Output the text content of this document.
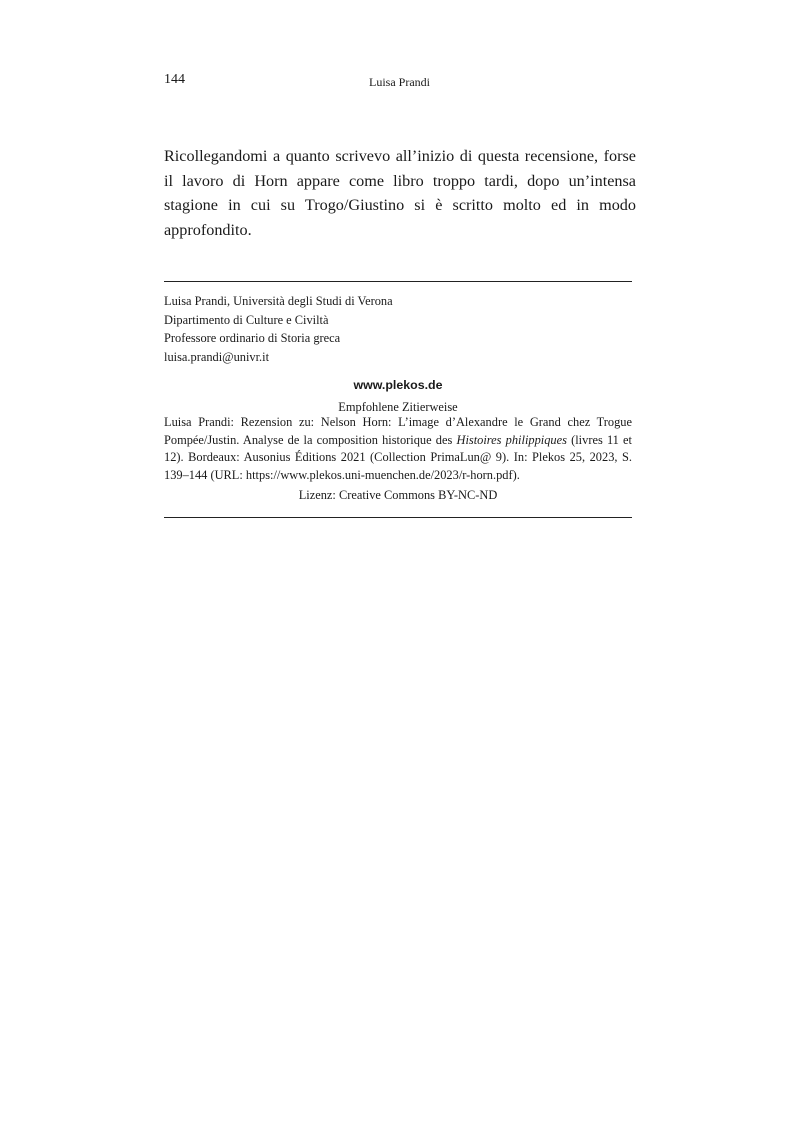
144	Luisa Prandi

Ricollegandomi a quanto scrivevo all’inizio di questa recensione, forse il lavoro di Horn appare come libro troppo tardi, dopo un’intensa stagione in cui su Trogo/Giustino si è scritto molto ed in modo approfondito.

Luisa Prandi, Università degli Studi di Verona
Dipartimento di Culture e Civiltà
Professore ordinario di Storia greca
luisa.prandi@univr.it
www.plekos.de
Empfohlene Zitierweise

Luisa Prandi: Rezension zu: Nelson Horn: L’image d’Alexandre le Grand chez Trogue Pompée/Justin. Analyse de la composition historique des Histoires philippiques (livres 11 et 12). Bordeaux: Ausonius Éditions 2021 (Collection PrimaLun@ 9). In: Plekos 25, 2023, S. 139–144 (URL: https://www.plekos.uni-muenchen.de/2023/r-horn.pdf).

Lizenz: Creative Commons BY-NC-ND
